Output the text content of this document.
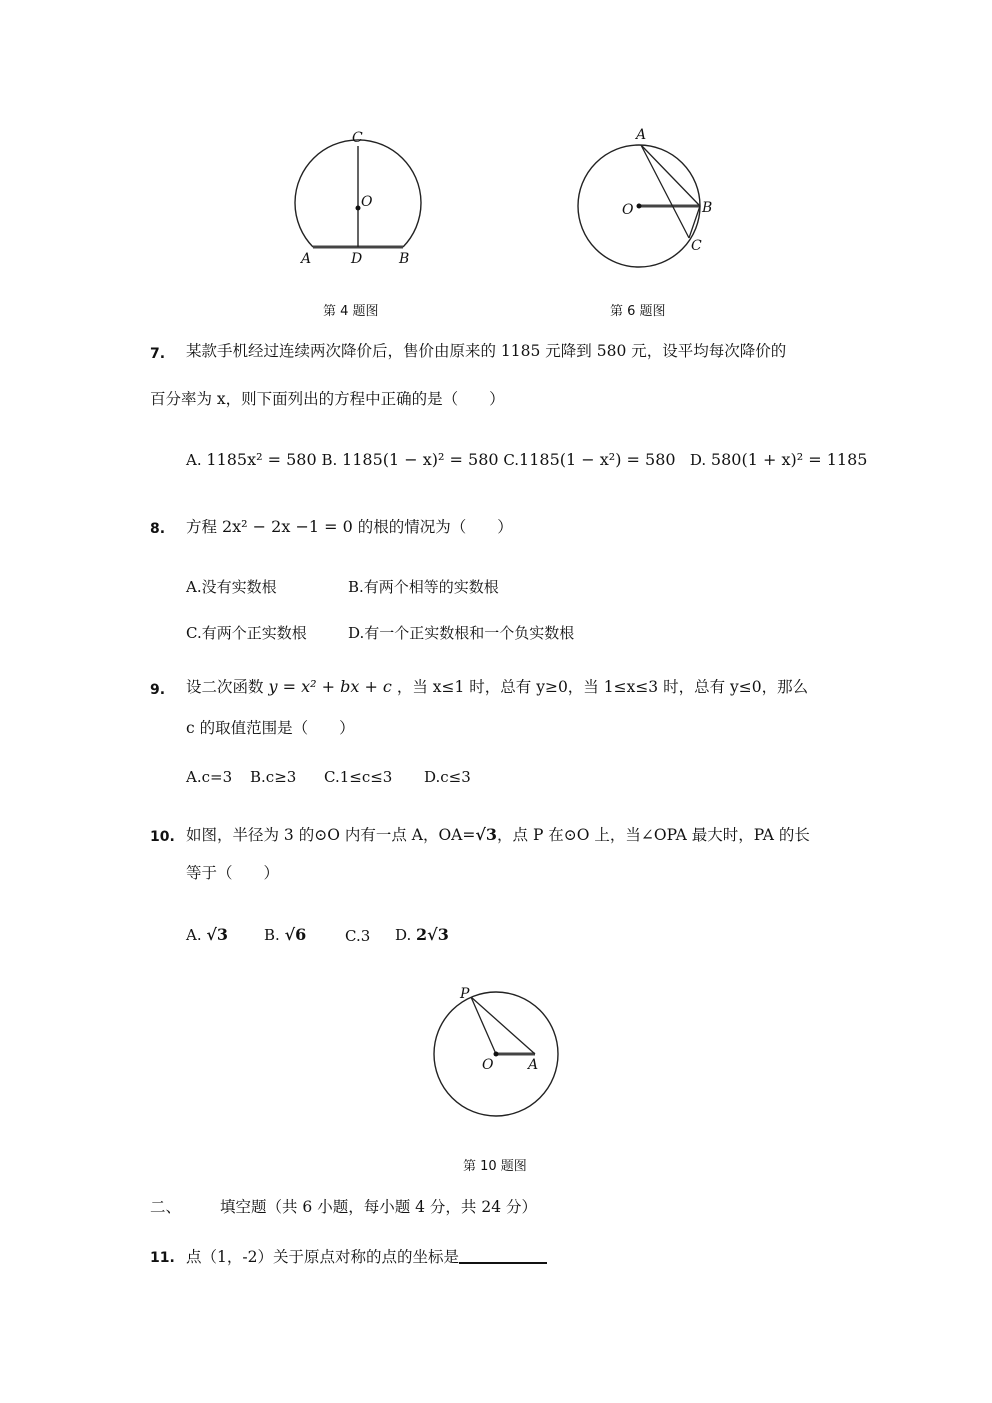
C
O
A	D	B
第 4 题图
A
O	B
C
第 6 题图
7. 某款手机经过连续两次降价后，售价由原来的 1185 元降到 580 元，设平均每次降价的
百分率为 x，则下面列出的方程中正确的是（　　）
A. 1185x² = 580 B. 1185(1 − x)² = 580 C.1185(1 − x²) = 580 D. 580(1 + x)² = 1185
8. 方程 2x² − 2x −1 = 0 的根的情况为（　　）
A.没有实数根	B.有两个相等的实数根
C.有两个正实数根	D.有一个正实数根和一个负实数根
9. 设二次函数 y = x² + bx + c ，当 x≤1 时，总有 y≥0，当 1≤x≤3 时，总有 y≤0，那么
c 的取值范围是（　　）
A.c=3 B.c≥3 C.1≤c≤3 D.c≤3
10. 如图，半径为 3 的⊙O 内有一点 A，OA=√3，点 P 在⊙O 上，当∠OPA 最大时，PA 的长
等于（　　）
A. √3 B. √6	C.3 D. 2√3
P
O A
第 10 题图
二、	填空题（共 6 小题，每小题 4 分，共 24 分）
11. 点（1，-2）关于原点对称的点的坐标是
